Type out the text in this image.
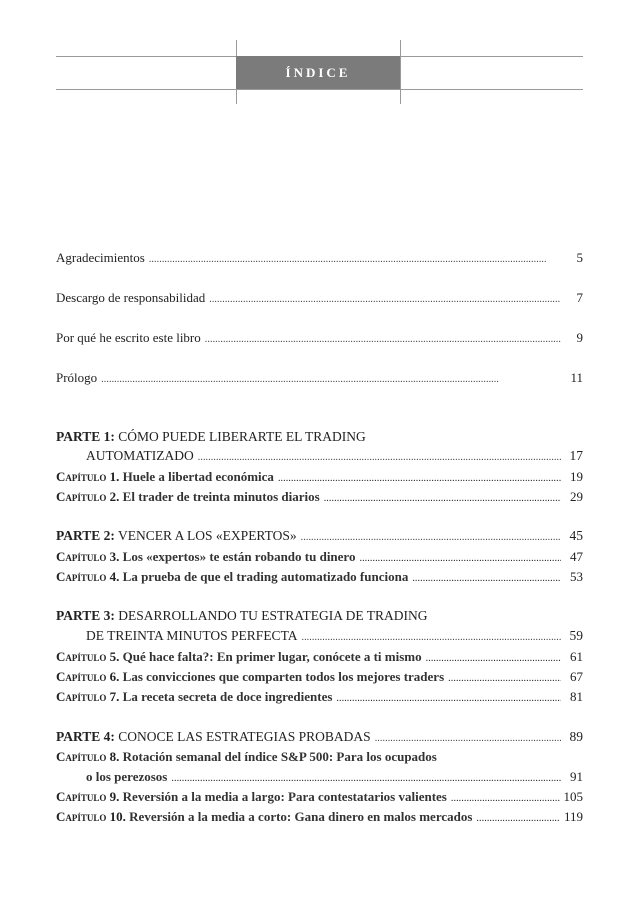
ÍNDICE
Agradecimientos . . .	5
Descargo de responsabilidad . . .	7
Por qué he escrito este libro . . .	9
Prólogo . . .	11
PARTE 1: CÓMO PUEDE LIBERARTE EL TRADING
AUTOMATIZADO . . .	17
Capítulo 1. Huele a libertad económica . . .	19
Capítulo 2. El trader de treinta minutos diarios . . .	29
PARTE 2: VENCER A LOS «EXPERTOS» . . .	45
Capítulo 3. Los «expertos» te están robando tu dinero . . .	47
Capítulo 4. La prueba de que el trading automatizado funciona . . .	53
PARTE 3: DESARROLLANDO TU ESTRATEGIA DE TRADING
DE TREINTA MINUTOS PERFECTA . . .	59
Capítulo 5. Qué hace falta?: En primer lugar, conócete a ti mismo . . .	61
Capítulo 6. Las convicciones que comparten todos los mejores traders . . .	67
Capítulo 7. La receta secreta de doce ingredientes . . .	81
PARTE 4: CONOCE LAS ESTRATEGIAS PROBADAS . . .	89
Capítulo 8. Rotación semanal del índice S&P 500: Para los ocupados
o los perezosos . . .	91
Capítulo 9. Reversión a la media a largo: Para contestatarios valientes . . .	105
Capítulo 10. Reversión a la media a corto: Gana dinero en malos mercados . . .	119
